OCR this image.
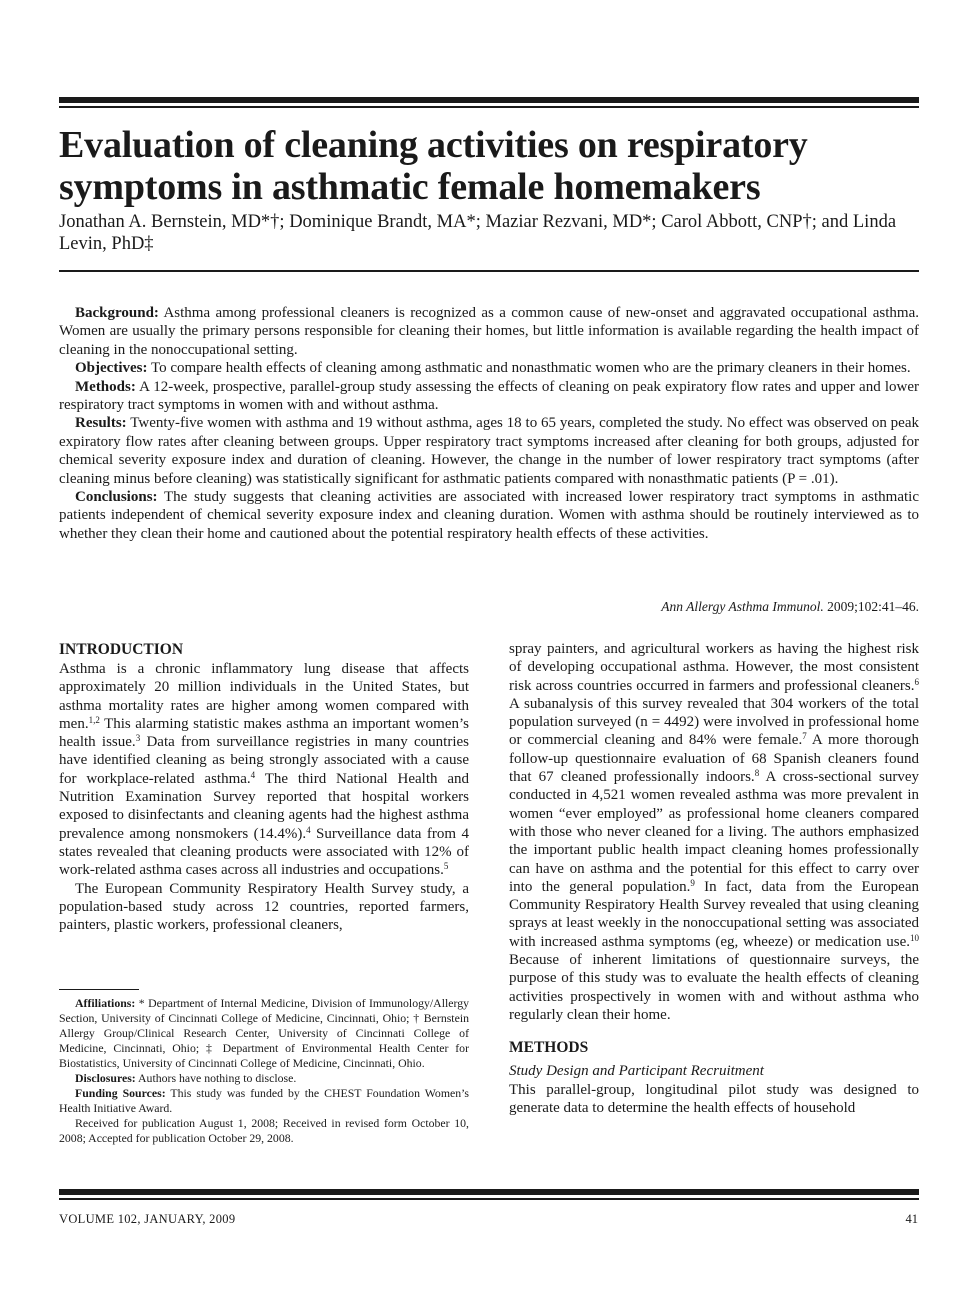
Evaluation of cleaning activities on respiratory symptoms in asthmatic female homemakers
Jonathan A. Bernstein, MD*†; Dominique Brandt, MA*; Maziar Rezvani, MD*; Carol Abbott, CNP†; and Linda Levin, PhD‡

Background: Asthma among professional cleaners is recognized as a common cause of new-onset and aggravated occupational asthma. Women are usually the primary persons responsible for cleaning their homes, but little information is available regarding the health impact of cleaning in the nonoccupational setting.

Objectives: To compare health effects of cleaning among asthmatic and nonasthmatic women who are the primary cleaners in their homes.

Methods: A 12-week, prospective, parallel-group study assessing the effects of cleaning on peak expiratory flow rates and upper and lower respiratory tract symptoms in women with and without asthma.

Results: Twenty-five women with asthma and 19 without asthma, ages 18 to 65 years, completed the study. No effect was observed on peak expiratory flow rates after cleaning between groups. Upper respiratory tract symptoms increased after cleaning for both groups, adjusted for chemical severity exposure index and duration of cleaning. However, the change in the number of lower respiratory tract symptoms (after cleaning minus before cleaning) was statistically significant for asthmatic patients compared with nonasthmatic patients (P = .01).

Conclusions: The study suggests that cleaning activities are associated with increased lower respiratory tract symptoms in asthmatic patients independent of chemical severity exposure index and cleaning duration. Women with asthma should be routinely interviewed as to whether they clean their home and cautioned about the potential respiratory health effects of these activities.

Ann Allergy Asthma Immunol. 2009;102:41–46.

INTRODUCTION

Asthma is a chronic inflammatory lung disease that affects approximately 20 million individuals in the United States, but asthma mortality rates are higher among women compared with men.$^{1,2}$ This alarming statistic makes asthma an important women’s health issue.$^3$ Data from surveillance registries in many countries have identified cleaning as being strongly associated with a cause for workplace-related asthma.$^4$ The third National Health and Nutrition Examination Survey reported that hospital workers exposed to disinfectants and cleaning agents had the highest asthma prevalence among nonsmokers (14.4%).$^4$ Surveillance data from 4 states revealed that cleaning products were associated with 12% of work-related asthma cases across all industries and occupations.$^5$

The European Community Respiratory Health Survey study, a population-based study across 12 countries, reported farmers, painters, plastic workers, professional cleaners,

Affiliations: * Department of Internal Medicine, Division of Immunology/Allergy Section, University of Cincinnati College of Medicine, Cincinnati, Ohio; † Bernstein Allergy Group/Clinical Research Center, University of Cincinnati College of Medicine, Cincinnati, Ohio; ‡ Department of Environmental Health Center for Biostatistics, University of Cincinnati College of Medicine, Cincinnati, Ohio.

Disclosures: Authors have nothing to disclose.

Funding Sources: This study was funded by the CHEST Foundation Women’s Health Initiative Award.

Received for publication August 1, 2008; Received in revised form October 10, 2008; Accepted for publication October 29, 2008.

spray painters, and agricultural workers as having the highest risk of developing occupational asthma. However, the most consistent risk across countries occurred in farmers and professional cleaners.$^6$ A subanalysis of this survey revealed that 304 workers of the total population surveyed (n = 4492) were involved in professional home or commercial cleaning and 84% were female.$^7$ A more thorough follow-up questionnaire evaluation of 68 Spanish cleaners found that 67 cleaned professionally indoors.$^8$ A cross-sectional survey conducted in 4,521 women revealed asthma was more prevalent in women “ever employed” as professional home cleaners compared with those who never cleaned for a living. The authors emphasized the important public health impact cleaning homes professionally can have on asthma and the potential for this effect to carry over into the general population.$^9$ In fact, data from the European Community Respiratory Health Survey revealed that using cleaning sprays at least weekly in the nonoccupational setting was associated with increased asthma symptoms (eg, wheeze) or medication use.$^{10}$ Because of inherent limitations of questionnaire surveys, the purpose of this study was to evaluate the health effects of cleaning activities prospectively in women with and without asthma who regularly clean their home.

METHODS

Study Design and Participant Recruitment

This parallel-group, longitudinal pilot study was designed to generate data to determine the health effects of household

VOLUME 102, JANUARY, 2009	41
